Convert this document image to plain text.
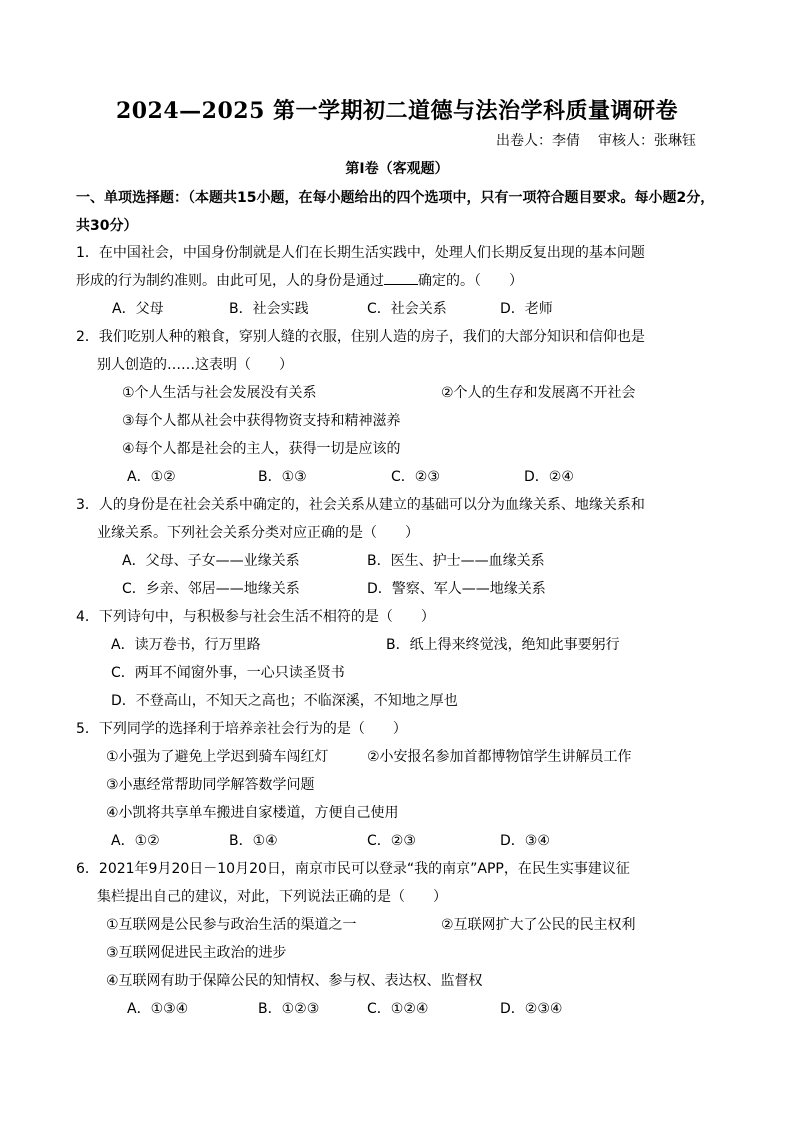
2024—2025 第一学期初二道德与法治学科质量调研卷
出卷人：李倩 审核人：张琳钰
第Ⅰ卷（客观题）
一、单项选择题：（本题共15小题，在每小题给出的四个选项中，只有一项符合题目要求。每小题2分，共30分）
1．在中国社会，中国身份制就是人们在长期生活实践中，处理人们长期反复出现的基本问题
形成的行为制约准则。由此可见，人的身份是通过 确定的。（　　）
A．父母	B．社会实践	C．社会关系	D．老师
2．我们吃别人种的粮食，穿别人缝的衣服，住别人造的房子，我们的大部分知识和信仰也是
别人创造的……这表明（　　）
①个人生活与社会发展没有关系	②个人的生存和发展离不开社会
③每个人都从社会中获得物资支持和精神滋养
④每个人都是社会的主人，获得一切是应该的
A．①②	B．①③	C．②③	D．②④
3．人的身份是在社会关系中确定的，社会关系从建立的基础可以分为血缘关系、地缘关系和
业缘关系。下列社会关系分类对应正确的是（　　）
A．父母、子女——业缘关系	B．医生、护士——血缘关系
C．乡亲、邻居——地缘关系	D．警察、军人——地缘关系
4．下列诗句中，与积极参与社会生活不相符的是（　　）
A．读万卷书，行万里路	B．纸上得来终觉浅，绝知此事要躬行
C．两耳不闻窗外事，一心只读圣贤书
D．不登高山，不知天之高也；不临深溪，不知地之厚也
5．下列同学的选择利于培养亲社会行为的是（　　）
①小强为了避免上学迟到骑车闯红灯	②小安报名参加首都博物馆学生讲解员工作
③小惠经常帮助同学解答数学问题
④小凯将共享单车搬进自家楼道，方便自己使用
A．①②	B．①④	C．②③	D．③④
6．2021年9月20日－10月20日，南京市民可以登录“我的南京”APP，在民生实事建议征
集栏提出自己的建议，对此，下列说法正确的是（　　）
①互联网是公民参与政治生活的渠道之一	②互联网扩大了公民的民主权利
③互联网促进民主政治的进步
④互联网有助于保障公民的知情权、参与权、表达权、监督权
A．①③④	B．①②③	C．①②④	D．②③④
